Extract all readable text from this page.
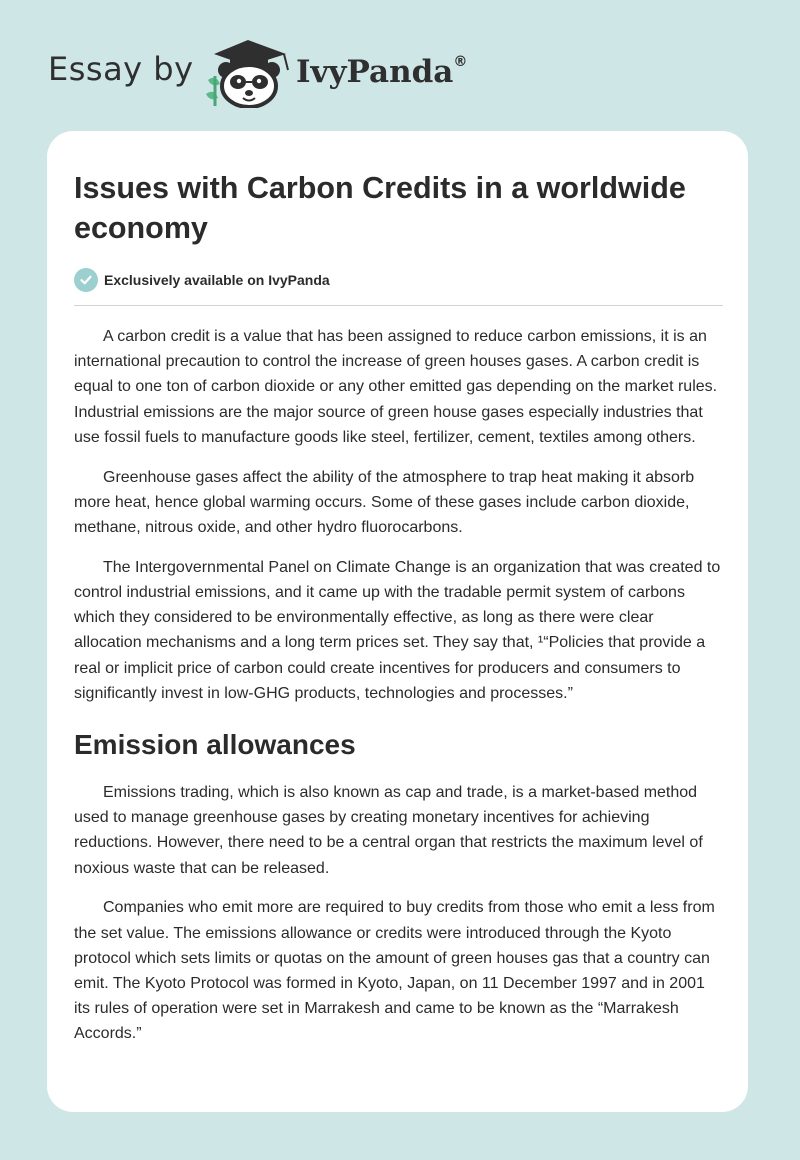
Essay by	IvyPanda®
Issues with Carbon Credits in a worldwide economy
Exclusively available on IvyPanda

A carbon credit is a value that has been assigned to reduce carbon emissions, it is an international precaution to control the increase of green houses gases. A carbon credit is equal to one ton of carbon dioxide or any other emitted gas depending on the market rules. Industrial emissions are the major source of green house gases especially industries that use fossil fuels to manufacture goods like steel, fertilizer, cement, textiles among others.

Greenhouse gases affect the ability of the atmosphere to trap heat making it absorb more heat, hence global warming occurs. Some of these gases include carbon dioxide, methane, nitrous oxide, and other hydro fluorocarbons.

The Intergovernmental Panel on Climate Change is an organization that was created to control industrial emissions, and it came up with the tradable permit system of carbons which they considered to be environmentally effective, as long as there were clear allocation mechanisms and a long term prices set. They say that, ¹“Policies that provide a real or implicit price of carbon could create incentives for producers and consumers to significantly invest in low-GHG products, technologies and processes.”

Emission allowances

Emissions trading, which is also known as cap and trade, is a market-based method used to manage greenhouse gases by creating monetary incentives for achieving reductions. However, there need to be a central organ that restricts the maximum level of noxious waste that can be released.

Companies who emit more are required to buy credits from those who emit a less from the set value. The emissions allowance or credits were introduced through the Kyoto protocol which sets limits or quotas on the amount of green houses gas that a country can emit. The Kyoto Protocol was formed in Kyoto, Japan, on 11 December 1997 and in 2001 its rules of operation were set in Marrakesh and came to be known as the “Marrakesh Accords.”
